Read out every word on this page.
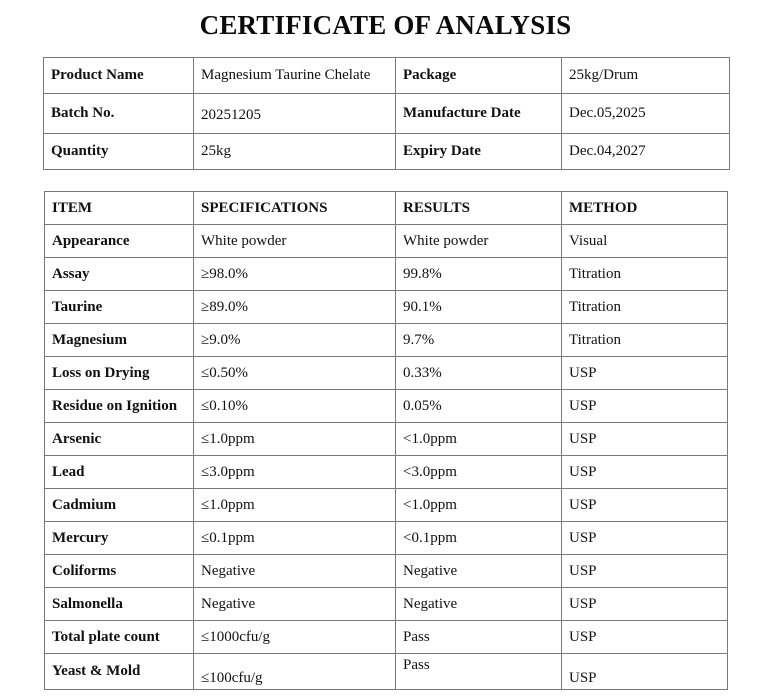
CERTIFICATE OF ANALYSIS
Product Name	Magnesium Taurine Chelate	Package	25kg/Drum
Batch No.	20251205	Manufacture Date	Dec.05,2025
Quantity	25kg	Expiry Date	Dec.04,2027
ITEM	SPECIFICATIONS	RESULTS	METHOD
Appearance	White powder	White powder	Visual
Assay	≥98.0%	99.8%	Titration
Taurine	≥89.0%	90.1%	Titration
Magnesium	≥9.0%	9.7%	Titration
Loss on Drying	≤0.50%	0.33%	USP
Residue on Ignition	≤0.10%	0.05%	USP
Arsenic	≤1.0ppm	<1.0ppm	USP
Lead	≤3.0ppm	<3.0ppm	USP
Cadmium	≤1.0ppm	<1.0ppm	USP
Mercury	≤0.1ppm	<0.1ppm	USP
Coliforms	Negative	Negative	USP
Salmonella	Negative	Negative	USP
Total plate count	≤1000cfu/g	Pass	USP
Yeast & Mold	≤100cfu/g	Pass	USP
